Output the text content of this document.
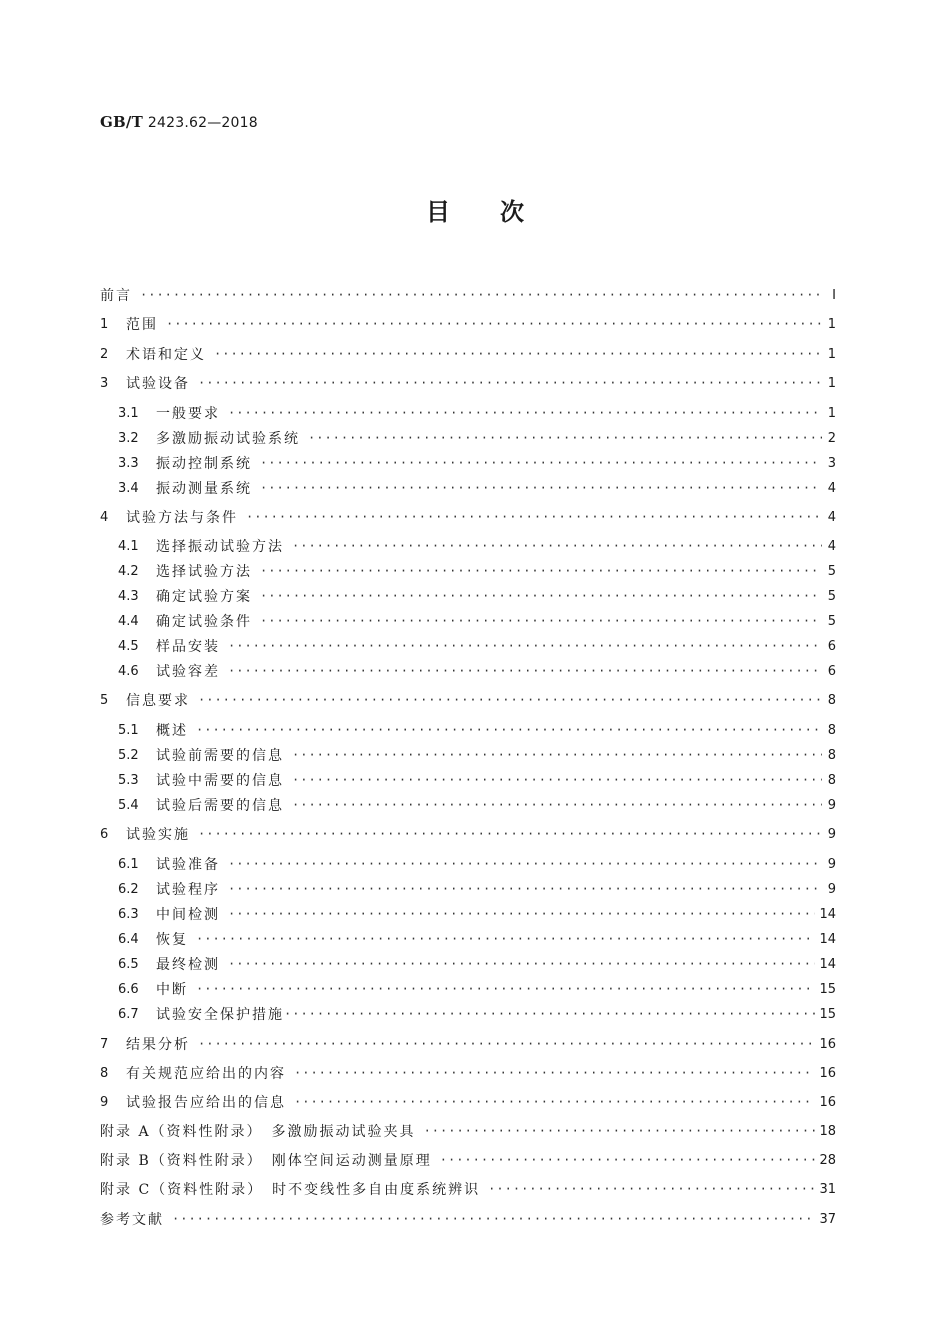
GB/T 2423.62—2018
目次
前言 ·····	Ⅰ
1	范围 ·····	1
2	术语和定义 ·····	1
3	试验设备 ·····	1
3.1	一般要求 ·····	1
3.2	多激励振动试验系统 ·····	2
3.3	振动控制系统 ·····	3
3.4	振动测量系统 ·····	4
4	试验方法与条件 ·····	4
4.1	选择振动试验方法 ·····	4
4.2	选择试验方法 ·····	5
4.3	确定试验方案 ·····	5
4.4	确定试验条件 ·····	5
4.5	样品安装 ·····	6
4.6	试验容差 ·····	6
5	信息要求 ·····	8
5.1	概述 ·····	8
5.2	试验前需要的信息 ·····	8
5.3	试验中需要的信息 ·····	8
5.4	试验后需要的信息 ·····	9
6	试验实施 ·····	9
6.1	试验准备 ·····	9
6.2	试验程序 ·····	9
6.3	中间检测 ·····	14
6.4	恢复 ·····	14
6.5	最终检测 ·····	14
6.6	中断 ·····	15
6.7	试验安全保护措施 ·····	15
7	结果分析 ·····	16
8	有关规范应给出的内容 ·····	16
9	试验报告应给出的信息 ·····	16
附录 A（资料性附录）　多激励振动试验夹具 ·····	18
附录 B（资料性附录）　刚体空间运动测量原理 ·····	28
附录 C（资料性附录）　时不变线性多自由度系统辨识 ·····	31
参考文献 ·····	37
